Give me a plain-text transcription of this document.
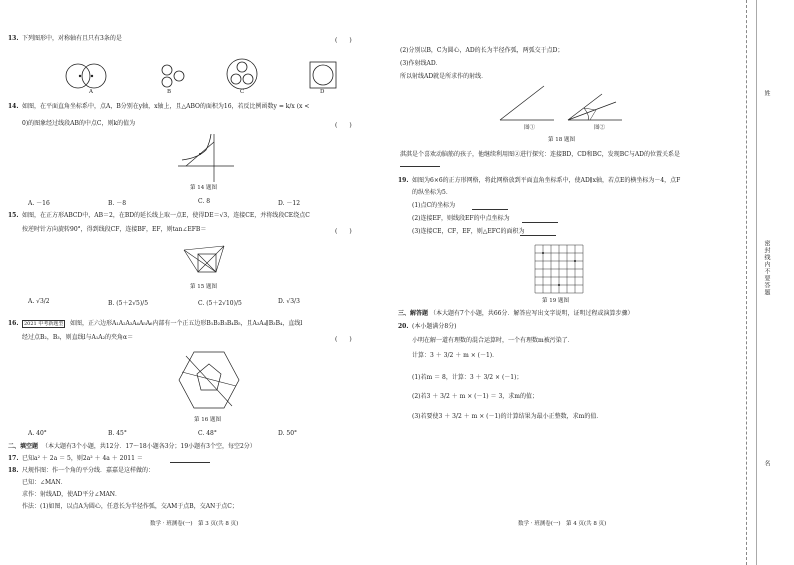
13. 下列图形中，对称轴有且只有3条的是	(　　)
A	B	C	D
14. 如图，在平面直角坐标系中，点A，B分别在y轴，x轴上，且△ABO的面积为16，若反比例函数y = k/x (x <
0)的图象经过线段AB的中点C，则k的值为	(　　)
第 14 题图
A. －16	B. －8	C. 8	D. －12
15. 如图，在正方形ABCD中，AB＝2，在BD的延长线上取一点E，使得DE＝√3，连接CE，并将线段CE绕点C
按逆时针方向旋转90°，得到线段CF，连接BF，EF，则tan∠EFB＝	(　　)
第 15 题图
A. √3/2	B. (5＋2√5)/5	C. (5＋2√10)/5	D. √3/3
16.	2021 中考新题型	如图，正六边形A₁A₂A₃A₄A₅A₆内部有一个正五边形B₁B₂B₃B₄B₅，且A₃A₄∥B₃B₄，直线l
经过点B₂，B₃，则直线l与A₁A₂的夹角α＝	(　　)
第 16 题图
A. 40°	B. 45°	C. 48°	D. 50°
二、填空题 （本大题有3个小题，共12分．17～18小题各3分；19小题有3个空，每空2分）
17. 已知a² ＋ 2a ＝ 5，则2a² ＋ 4a ＋ 2011 ＝
18. 尺规作图：作一个角的平分线．嘉嘉是这样做的：
已知：∠MAN．
求作：射线AD，使AD平分∠MAN．
作法：(1)如图，以点A为圆心，任意长为半径作弧，交AM于点B，交AN于点C；
数学 · 班测卷(一)　第 3 页(共 8 页)
(2)分别以B，C为圆心，AD的长为半径作弧，两弧交于点D；
(3)作射线AD．
所以射线AD就是所求作的射线．
图①	图②
第 18 题图
淇淇是个喜欢动脑筋的孩子，他继续利用图②进行探究：连接BD，CD和BC，发现BC与AD的位置关系是
19. 如图为6×6的正方形网格，将此网格放到平面直角坐标系中，使AD∥x轴，若点E的横坐标为－4，点F
的纵坐标为5．
(1)点C的坐标为
(2)连接EF，则线段EF的中点坐标为
(3)连接CE，CF，EF，则△EFC的面积为
第 19 题图
三、解答题 （本大题有7个小题，共66分．解答应写出文字说明，证明过程或演算步骤）
20. (本小题满分8分)
小明在解一道有理数的混合运算时，一个有理数m被污染了．
计算：3 ＋ 3/2 ＋ m × (－1)．
(1)若m ＝ 8，计算：3 ＋ 3/2 × (－1)；
(2)若3 ＋ 3/2 ＋ m × (－1) ＝ 3，求m的值；
(3)若要使3 ＋ 3/2 ＋ m × (－1)的计算结果为最小正整数，求m的值．
数学 · 班测卷(一)　第 4 页(共 8 页)
密封线内不要答题
姓
名
